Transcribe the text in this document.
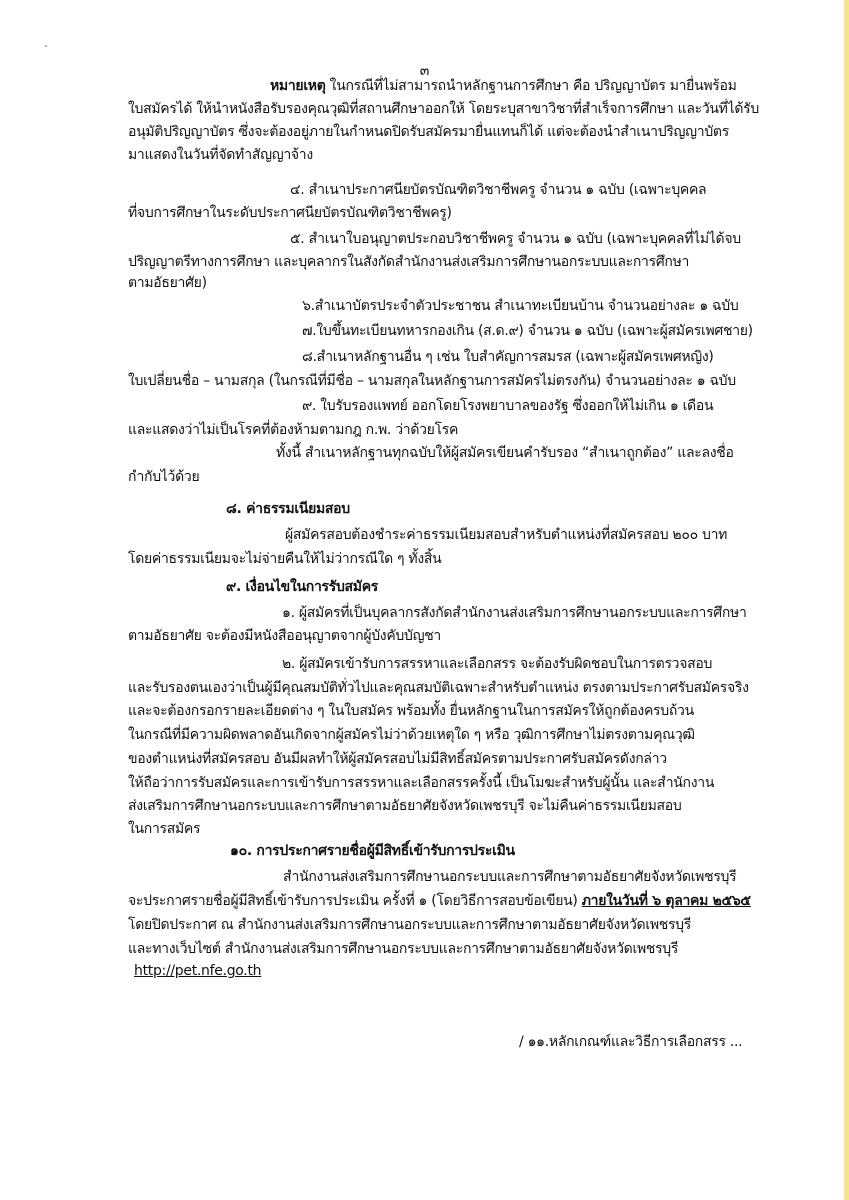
๓
หมายเหตุ ในกรณีที่ไม่สามารถนำหลักฐานการศึกษา คือ ปริญญาบัตร มายื่นพร้อม
ใบสมัครได้ ให้นำหนังสือรับรองคุณวุฒิที่สถานศึกษาออกให้ โดยระบุสาขาวิชาที่สำเร็จการศึกษา และวันที่ได้รับ
อนุมัติปริญญาบัตร ซึ่งจะต้องอยู่ภายในกำหนดปิดรับสมัครมายื่นแทนก็ได้ แต่จะต้องนำสำเนาปริญญาบัตร
มาแสดงในวันที่จัดทำสัญญาจ้าง
๔. สำเนาประกาศนียบัตรบัณฑิตวิชาชีพครู จำนวน ๑ ฉบับ (เฉพาะบุคคล
ที่จบการศึกษาในระดับประกาศนียบัตรบัณฑิตวิชาชีพครู)
๕. สำเนาใบอนุญาตประกอบวิชาชีพครู จำนวน ๑ ฉบับ (เฉพาะบุคคลที่ไม่ได้จบ
ปริญญาตรีทางการศึกษา และบุคลากรในสังกัดสำนักงานส่งเสริมการศึกษานอกระบบและการศึกษา
ตามอัธยาศัย)
๖.สำเนาบัตรประจำตัวประชาชน สำเนาทะเบียนบ้าน จำนวนอย่างละ ๑ ฉบับ
๗.ใบขึ้นทะเบียนทหารกองเกิน (ส.ด.๙) จำนวน ๑ ฉบับ (เฉพาะผู้สมัครเพศชาย)
๘.สำเนาหลักฐานอื่น ๆ เช่น ใบสำคัญการสมรส (เฉพาะผู้สมัครเพศหญิง)
ใบเปลี่ยนชื่อ – นามสกุล (ในกรณีที่มีชื่อ – นามสกุลในหลักฐานการสมัครไม่ตรงกัน) จำนวนอย่างละ ๑ ฉบับ
๙. ใบรับรองแพทย์ ออกโดยโรงพยาบาลของรัฐ ซึ่งออกให้ไม่เกิน ๑ เดือน
และแสดงว่าไม่เป็นโรคที่ต้องห้ามตามกฎ ก.พ. ว่าด้วยโรค
ทั้งนี้ สำเนาหลักฐานทุกฉบับให้ผู้สมัครเขียนคำรับรอง “สำเนาถูกต้อง” และลงชื่อ
กำกับไว้ด้วย
๘. ค่าธรรมเนียมสอบ
ผู้สมัครสอบต้องชำระค่าธรรมเนียมสอบสำหรับตำแหน่งที่สมัครสอบ ๒๐๐ บาท
โดยค่าธรรมเนียมจะไม่จ่ายคืนให้ไม่ว่ากรณีใด ๆ ทั้งสิ้น
๙. เงื่อนไขในการรับสมัคร
๑. ผู้สมัครที่เป็นบุคลากรสังกัดสำนักงานส่งเสริมการศึกษานอกระบบและการศึกษา
ตามอัธยาศัย จะต้องมีหนังสืออนุญาตจากผู้บังคับบัญชา
๒. ผู้สมัครเข้ารับการสรรหาและเลือกสรร จะต้องรับผิดชอบในการตรวจสอบ
และรับรองตนเองว่าเป็นผู้มีคุณสมบัติทั่วไปและคุณสมบัติเฉพาะสำหรับตำแหน่ง ตรงตามประกาศรับสมัครจริง
และจะต้องกรอกรายละเอียดต่าง ๆ ในใบสมัคร พร้อมทั้ง ยื่นหลักฐานในการสมัครให้ถูกต้องครบถ้วน
ในกรณีที่มีความผิดพลาดอันเกิดจากผู้สมัครไม่ว่าด้วยเหตุใด ๆ หรือ วุฒิการศึกษาไม่ตรงตามคุณวุฒิ
ของตำแหน่งที่สมัครสอบ อันมีผลทำให้ผู้สมัครสอบไม่มีสิทธิ์สมัครตามประกาศรับสมัครดังกล่าว
ให้ถือว่าการรับสมัครและการเข้ารับการสรรหาและเลือกสรรครั้งนี้ เป็นโมฆะสำหรับผู้นั้น และสำนักงาน
ส่งเสริมการศึกษานอกระบบและการศึกษาตามอัธยาศัยจังหวัดเพชรบุรี จะไม่คืนค่าธรรมเนียมสอบ
ในการสมัคร
๑๐. การประกาศรายชื่อผู้มีสิทธิ์เข้ารับการประเมิน
สำนักงานส่งเสริมการศึกษานอกระบบและการศึกษาตามอัธยาศัยจังหวัดเพชรบุรี
จะประกาศรายชื่อผู้มีสิทธิ์เข้ารับการประเมิน ครั้งที่ ๑ (โดยวิธีการสอบข้อเขียน) ภายในวันที่ ๖ ตุลาคม ๒๕๖๕
โดยปิดประกาศ ณ สำนักงานส่งเสริมการศึกษานอกระบบและการศึกษาตามอัธยาศัยจังหวัดเพชรบุรี
และทางเว็บไซต์ สำนักงานส่งเสริมการศึกษานอกระบบและการศึกษาตามอัธยาศัยจังหวัดเพชรบุรี
http://pet.nfe.go.th
/ ๑๑.หลักเกณฑ์และวิธีการเลือกสรร ...
